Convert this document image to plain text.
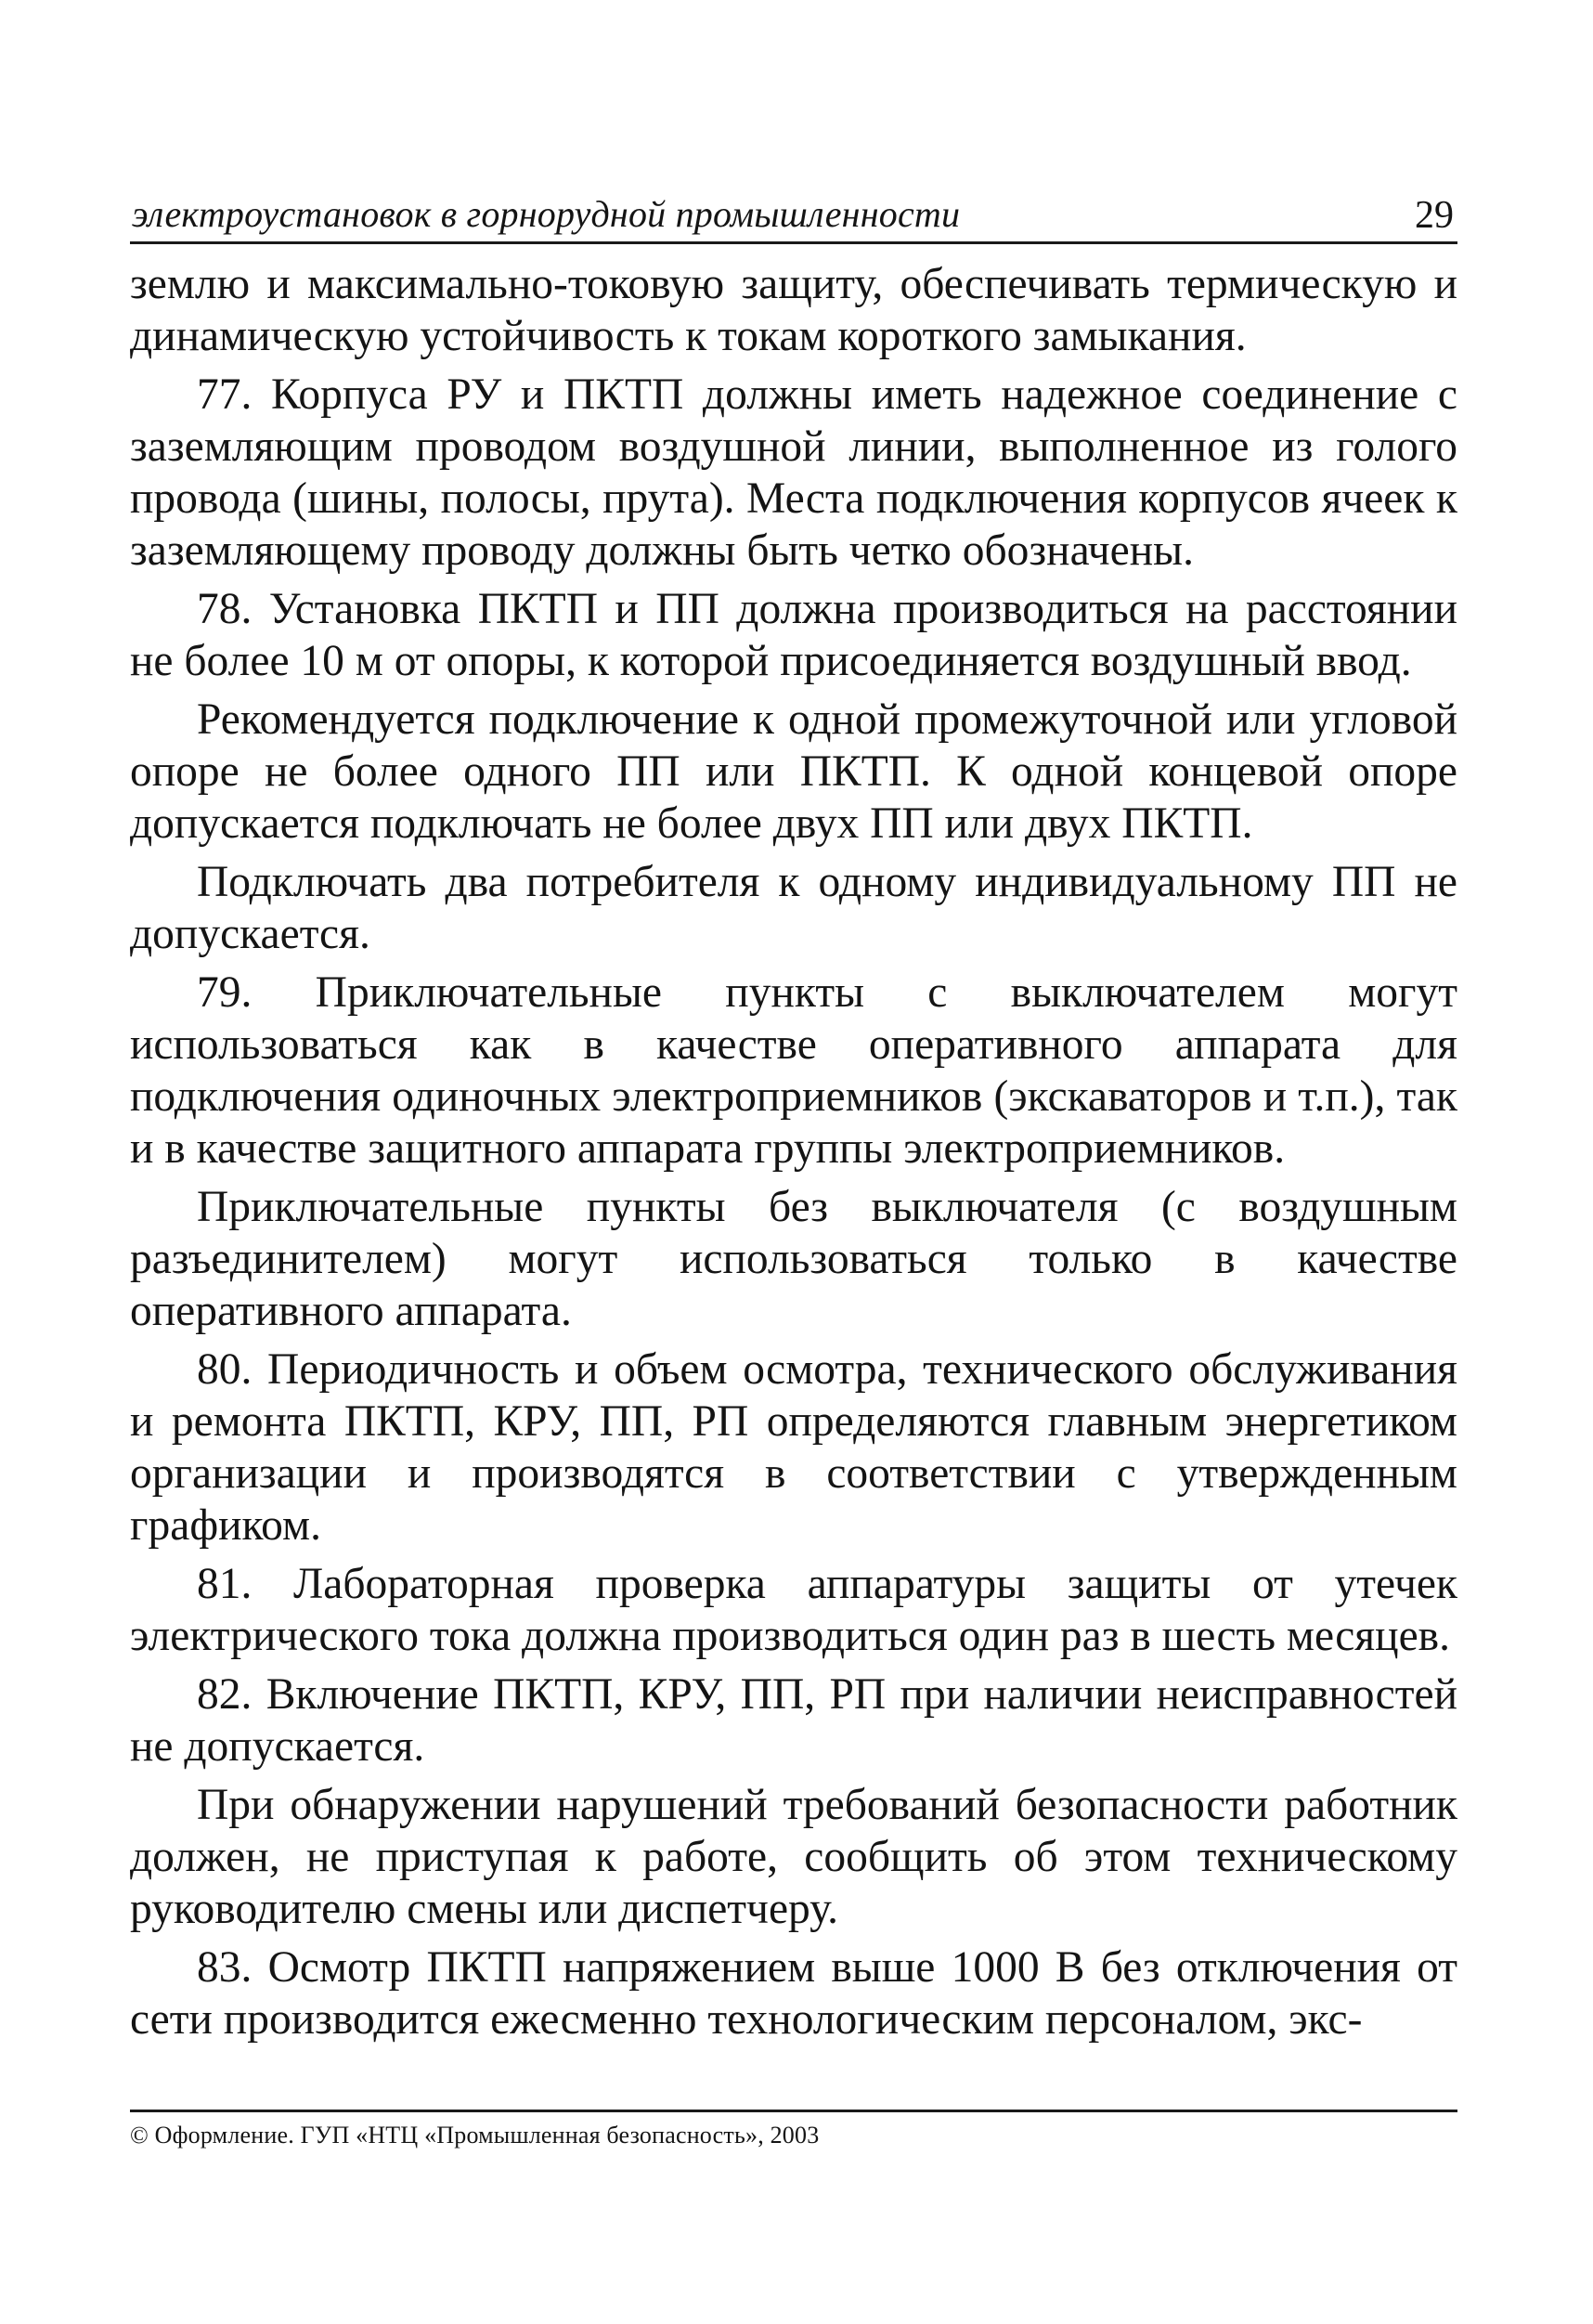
электроустановок в горнорудной промышленности	29

землю и максимально-токовую защиту, обеспечивать термическую и динамическую устойчивость к токам короткого замыкания.

77. Корпуса РУ и ПКТП должны иметь надежное соединение с заземляющим проводом воздушной линии, выполненное из голого провода (шины, полосы, прута). Места подключения корпусов ячеек к заземляющему проводу должны быть четко обозначены.

78. Установка ПКТП и ПП должна производиться на расстоянии не более 10 м от опоры, к которой присоединяется воздушный ввод.

Рекомендуется подключение к одной промежуточной или угловой опоре не более одного ПП или ПКТП. К одной концевой опоре допускается подключать не более двух ПП или двух ПКТП.

Подключать два потребителя к одному индивидуальному ПП не допускается.

79. Приключательные пункты с выключателем могут использоваться как в качестве оперативного аппарата для подключения одиночных электроприемников (экскаваторов и т.п.), так и в качестве защитного аппарата группы электроприемников.

Приключательные пункты без выключателя (с воздушным разъединителем) могут использоваться только в качестве оперативного аппарата.

80. Периодичность и объем осмотра, технического обслуживания и ремонта ПКТП, КРУ, ПП, РП определяются главным энергетиком организации и производятся в соответствии с утвержденным графиком.

81. Лабораторная проверка аппаратуры защиты от утечек электрического тока должна производиться один раз в шесть месяцев.

82. Включение ПКТП, КРУ, ПП, РП при наличии неисправностей не допускается.

При обнаружении нарушений требований безопасности работник должен, не приступая к работе, сообщить об этом техническому руководителю смены или диспетчеру.

83. Осмотр ПКТП напряжением выше 1000 В без отключения от сети производится ежесменно технологическим персоналом, экс-

© Оформление. ГУП «НТЦ «Промышленная безопасность», 2003
